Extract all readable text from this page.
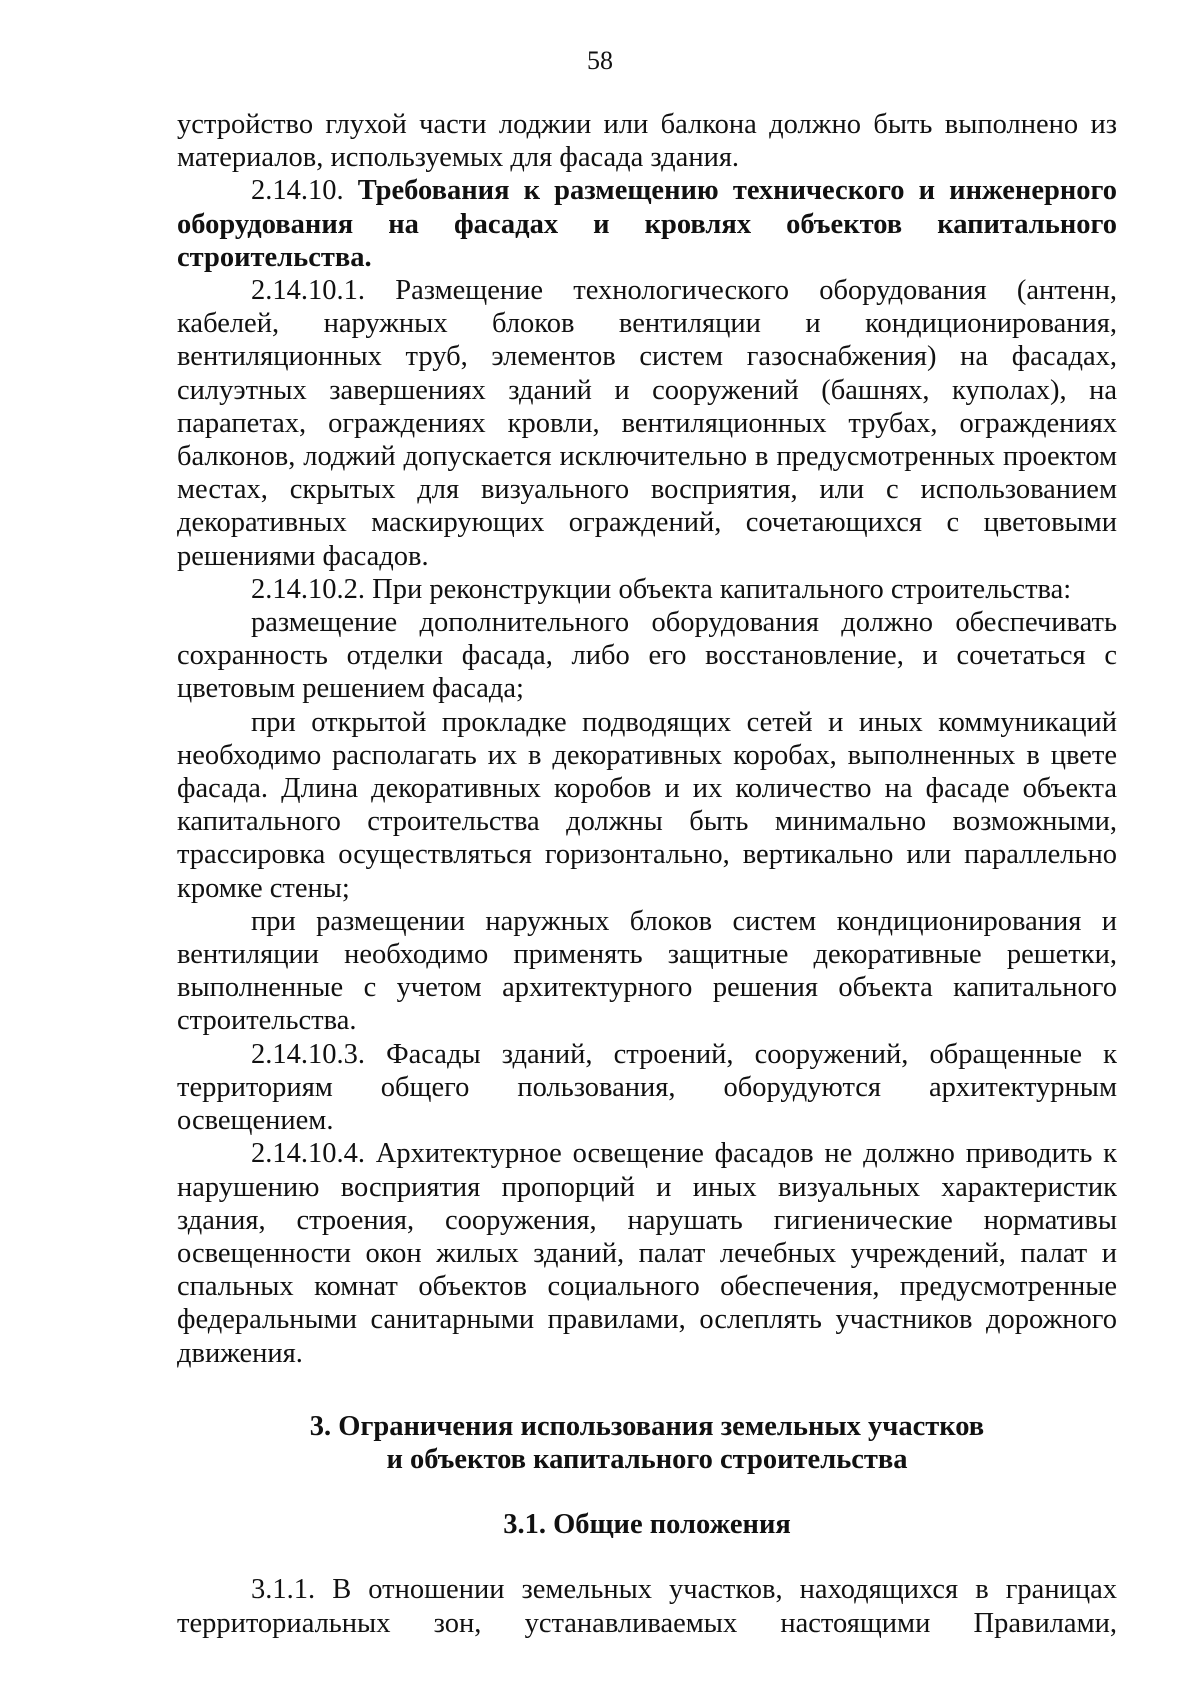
58

устройство глухой части лоджии или балкона должно быть выполнено из материалов, используемых для фасада здания.

2.14.10. Требования к размещению технического и инженерного оборудования на фасадах и кровлях объектов капитального строительства.

2.14.10.1. Размещение технологического оборудования (антенн, кабелей, наружных блоков вентиляции и кондиционирования, вентиляционных труб, элементов систем газоснабжения) на фасадах, силуэтных завершениях зданий и сооружений (башнях, куполах), на парапетах, ограждениях кровли, вентиляционных трубах, ограждениях балконов, лоджий допускается исключительно в предусмотренных проектом местах, скрытых для визуального восприятия, или с использованием декоративных маскирующих ограждений, сочетающихся с цветовыми решениями фасадов.

2.14.10.2. При реконструкции объекта капитального строительства:

размещение дополнительного оборудования должно обеспечивать сохранность отделки фасада, либо его восстановление, и сочетаться с цветовым решением фасада;

при открытой прокладке подводящих сетей и иных коммуникаций необходимо располагать их в декоративных коробах, выполненных в цвете фасада. Длина декоративных коробов и их количество на фасаде объекта капитального строительства должны быть минимально возможными, трассировка осуществляться горизонтально, вертикально или параллельно кромке стены;

при размещении наружных блоков систем кондиционирования и вентиляции необходимо применять защитные декоративные решетки, выполненные с учетом архитектурного решения объекта капитального строительства.

2.14.10.3. Фасады зданий, строений, сооружений, обращенные к территориям общего пользования, оборудуются архитектурным освещением.

2.14.10.4. Архитектурное освещение фасадов не должно приводить к нарушению восприятия пропорций и иных визуальных характеристик здания, строения, сооружения, нарушать гигиенические нормативы освещенности окон жилых зданий, палат лечебных учреждений, палат и спальных комнат объектов социального обеспечения, предусмотренные федеральными санитарными правилами, ослеплять участников дорожного движения.

3. Ограничения использования земельных участков
и объектов капитального строительства

3.1. Общие положения

3.1.1. В отношении земельных участков, находящихся в границах территориальных зон, устанавливаемых настоящими Правилами,
